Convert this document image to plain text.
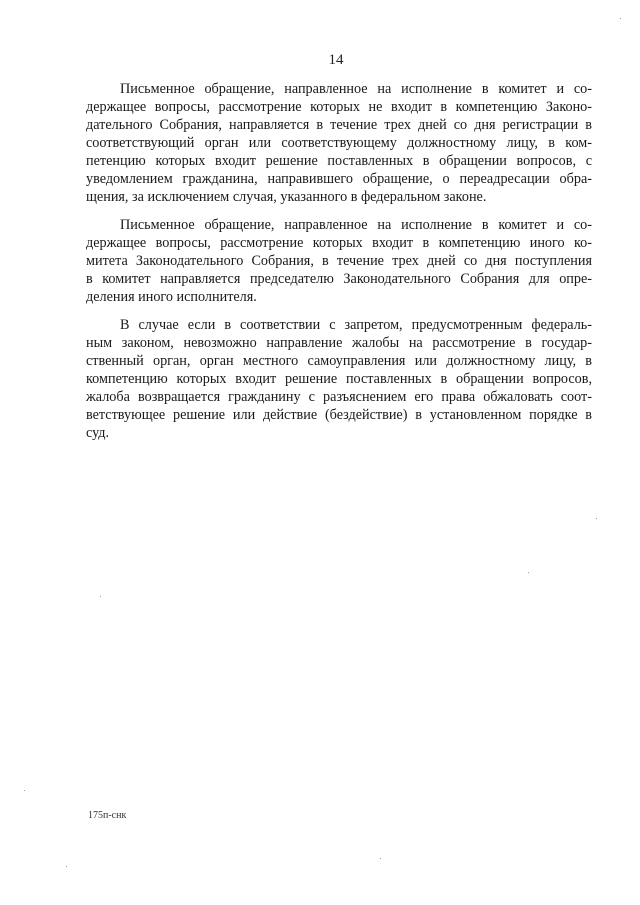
14
Письменное обращение, направленное на исполнение в комитет и со-
держащее вопросы, рассмотрение которых не входит в компетенцию Законо-
дательного Собрания, направляется в течение трех дней со дня регистрации в
соответствующий орган или соответствующему должностному лицу, в ком-
петенцию которых входит решение поставленных в обращении вопросов, с
уведомлением гражданина, направившего обращение, о переадресации обра-
щения, за исключением случая, указанного в федеральном законе.
Письменное обращение, направленное на исполнение в комитет и со-
держащее вопросы, рассмотрение которых входит в компетенцию иного ко-
митета Законодательного Собрания, в течение трех дней со дня поступления
в комитет направляется председателю Законодательного Собрания для опре-
деления иного исполнителя.
В случае если в соответствии с запретом, предусмотренным федераль-
ным законом, невозможно направление жалобы на рассмотрение в государ-
ственный орган, орган местного самоуправления или должностному лицу, в
компетенцию которых входит решение поставленных в обращении вопросов,
жалоба возвращается гражданину с разъяснением его права обжаловать соот-
ветствующее решение или действие (бездействие) в установленном порядке в
суд.
175п-снк
